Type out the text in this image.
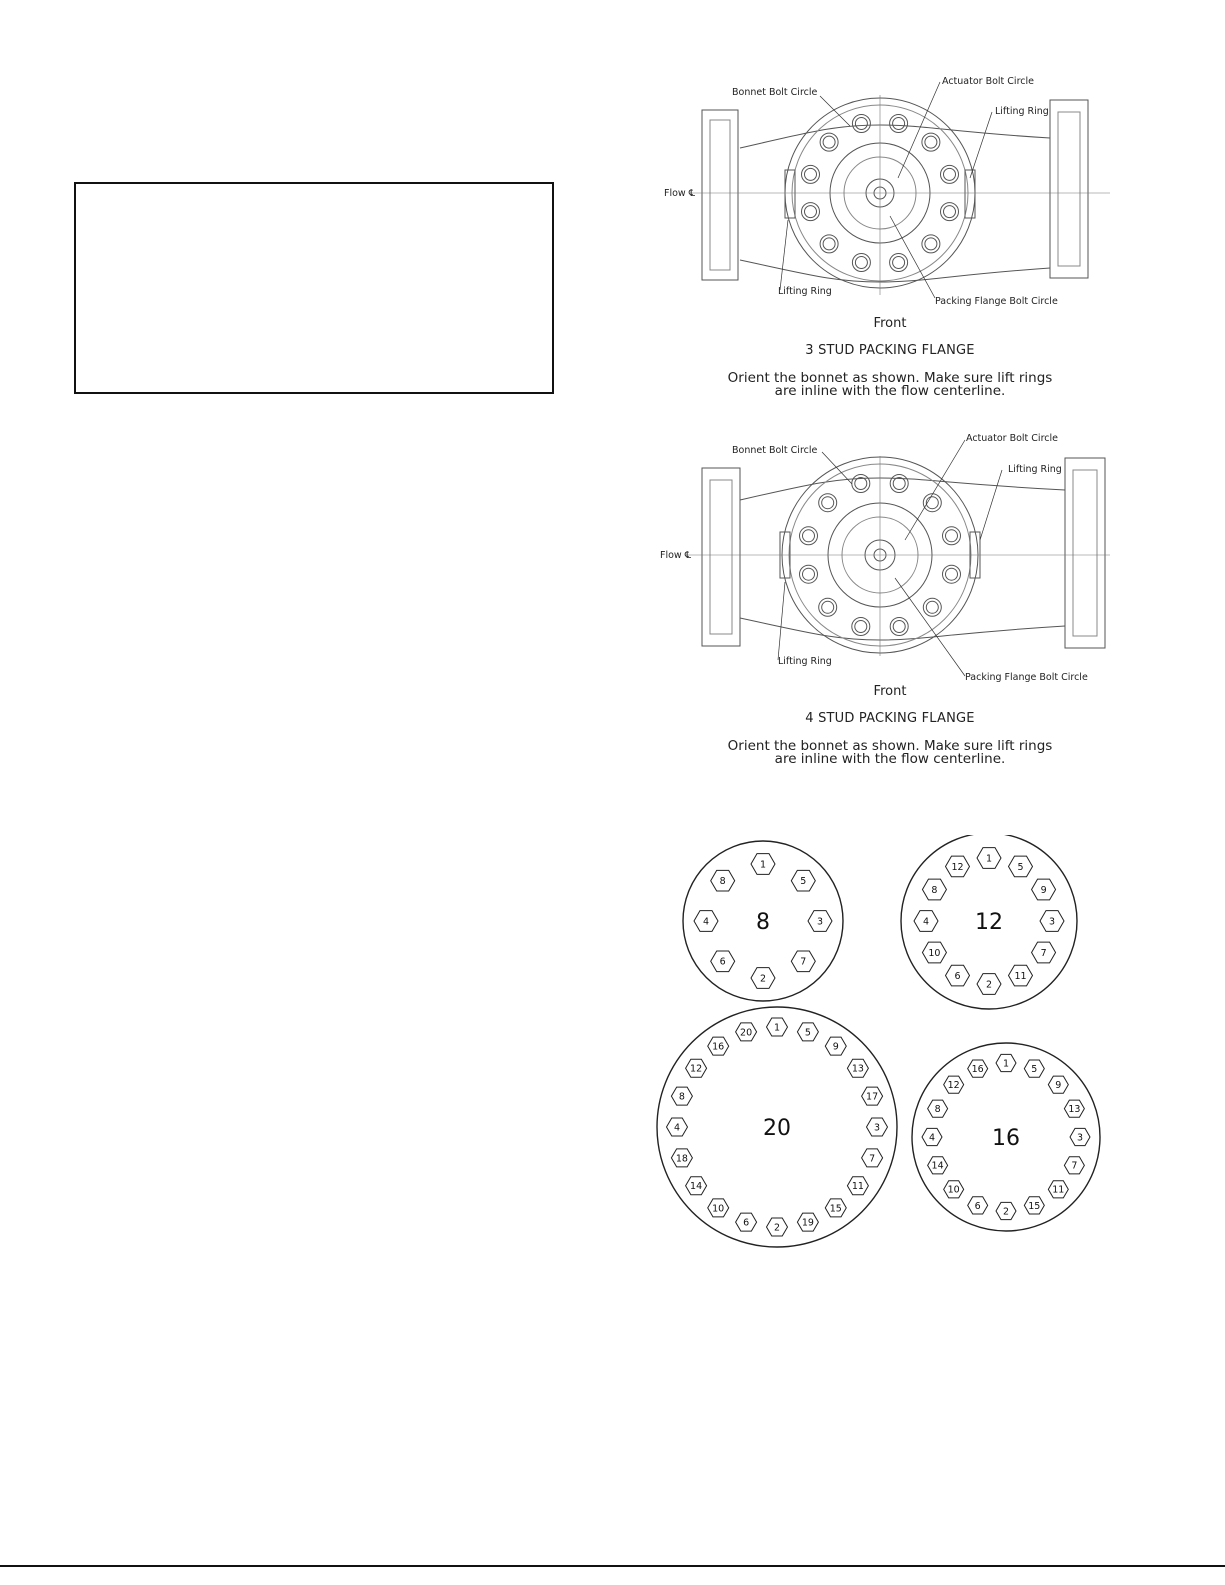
Bonnet Bolt Circle
Actuator Bolt Circle
Lifting Ring
Flow ℄
Lifting Ring
Packing Flange Bolt Circle
Front
3 STUD PACKING FLANGE
Orient the bonnet as shown. Make sure lift rings
are inline with the flow centerline.
Bonnet Bolt Circle
Actuator Bolt Circle
Lifting Ring
Flow ℄
Lifting Ring
Packing Flange Bolt Circle
Front
4 STUD PACKING FLANGE
Orient the bonnet as shown. Make sure lift rings
are inline with the flow centerline.
1
5
3
7
2
6
4
8
8
1
5
9
3
7
11
2
6
10
4
8
12
12
1	5
9
13
17
3
7
11
15
19
2
6
10
14
18
4
8
12
16
20
20
1
5
9
13
3
7
11
15
2
6
10
14
4
8
12
16
16
